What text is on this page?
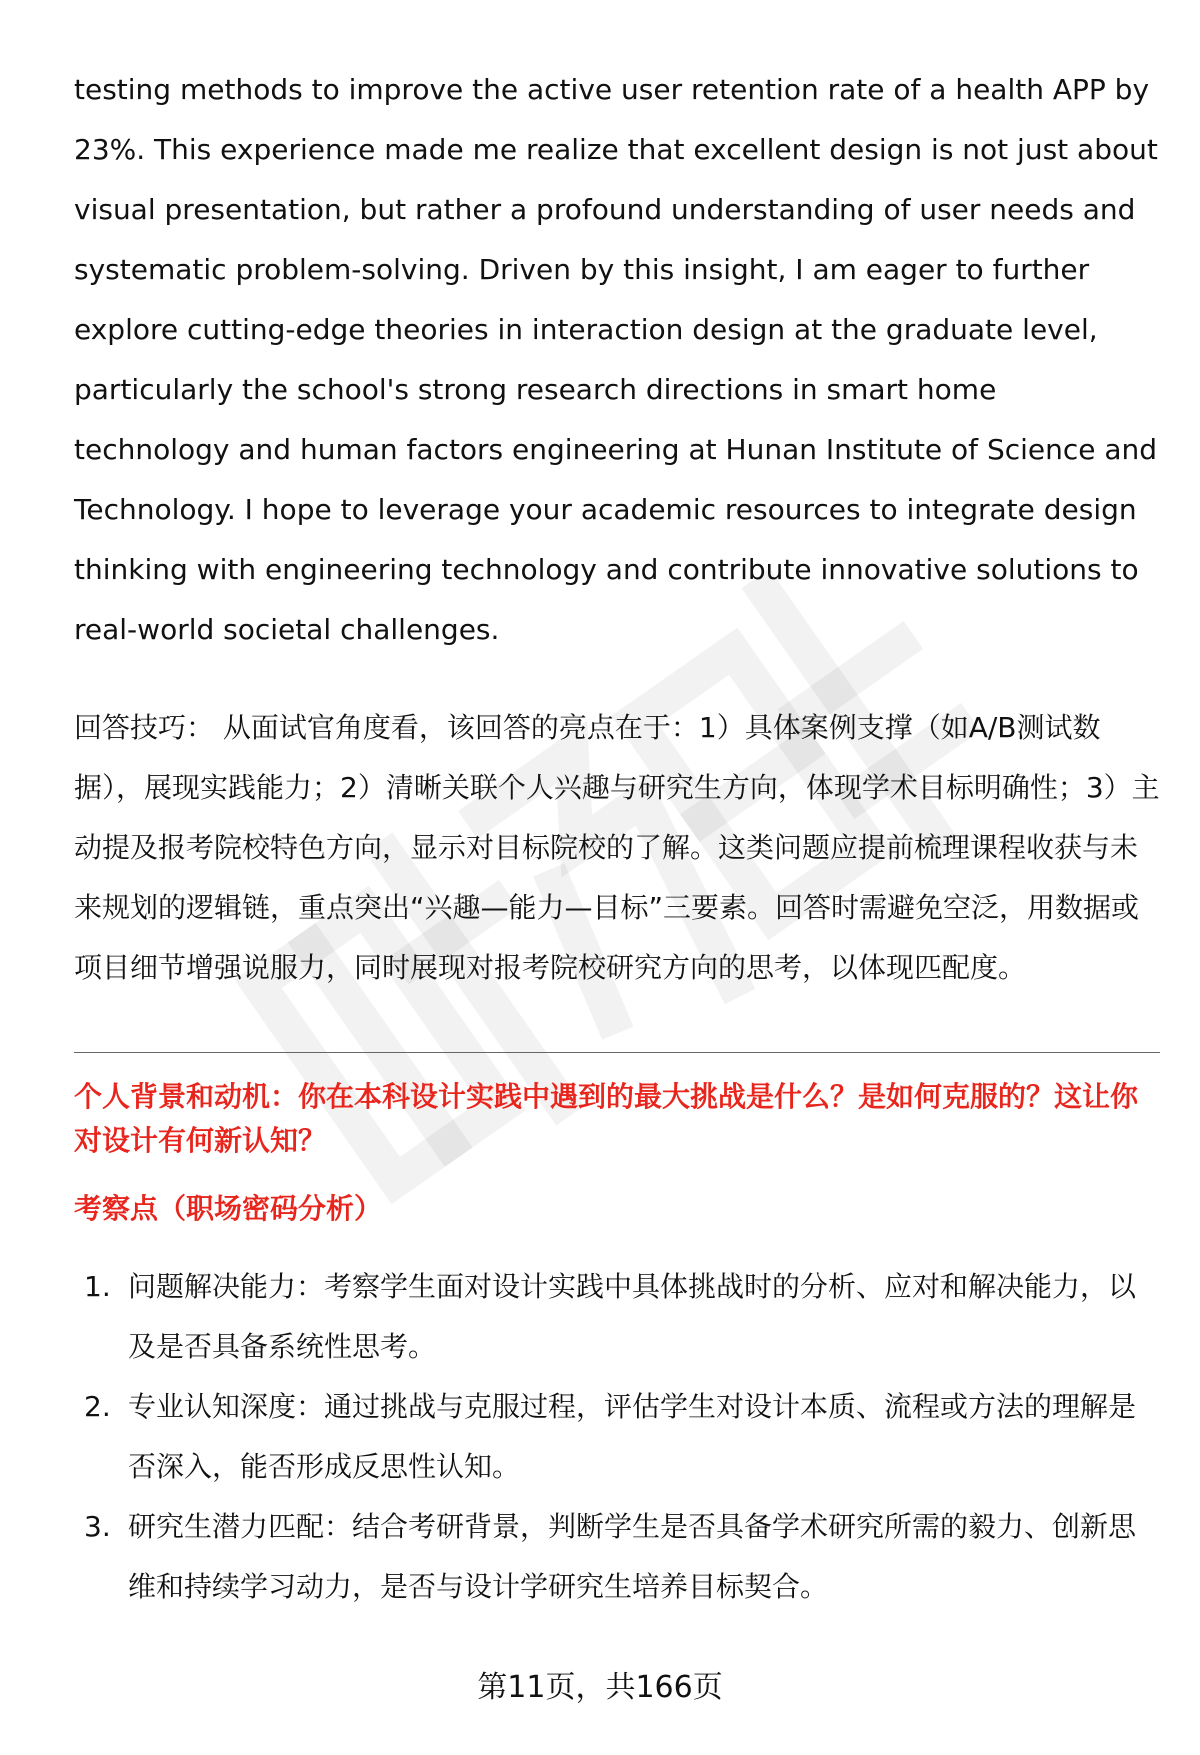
testing methods to improve the active user retention rate of a health APP by 23%. This experience made me realize that excellent design is not just about visual presentation, but rather a profound understanding of user needs and systematic problem-solving. Driven by this insight, I am eager to further explore cutting-edge theories in interaction design at the graduate level, particularly the school's strong research directions in smart home technology and human factors engineering at Hunan Institute of Science and Technology. I hope to leverage your academic resources to integrate design thinking with engineering technology and contribute innovative solutions to real-world societal challenges.

回答技巧： 从面试官角度看，该回答的亮点在于：1）具体案例支撑（如A/B测试数据），展现实践能力；2）清晰关联个人兴趣与研究生方向，体现学术目标明确性；3）主动提及报考院校特色方向，显示对目标院校的了解。这类问题应提前梳理课程收获与未来规划的逻辑链，重点突出“兴趣—能力—目标”三要素。回答时需避免空泛，用数据或项目细节增强说服力，同时展现对报考院校研究方向的思考，以体现匹配度。

个人背景和动机：你在本科设计实践中遇到的最大挑战是什么？是如何克服的？这让你对设计有何新认知？

考察点（职场密码分析）

1. 问题解决能力：考察学生面对设计实践中具体挑战时的分析、应对和解决能力，以及是否具备系统性思考。
2. 专业认知深度：通过挑战与克服过程，评估学生对设计本质、流程或方法的理解是否深入，能否形成反思性认知。
3. 研究生潜力匹配：结合考研背景，判断学生是否具备学术研究所需的毅力、创新思维和持续学习动力，是否与设计学研究生培养目标契合。
第11页，共166页
